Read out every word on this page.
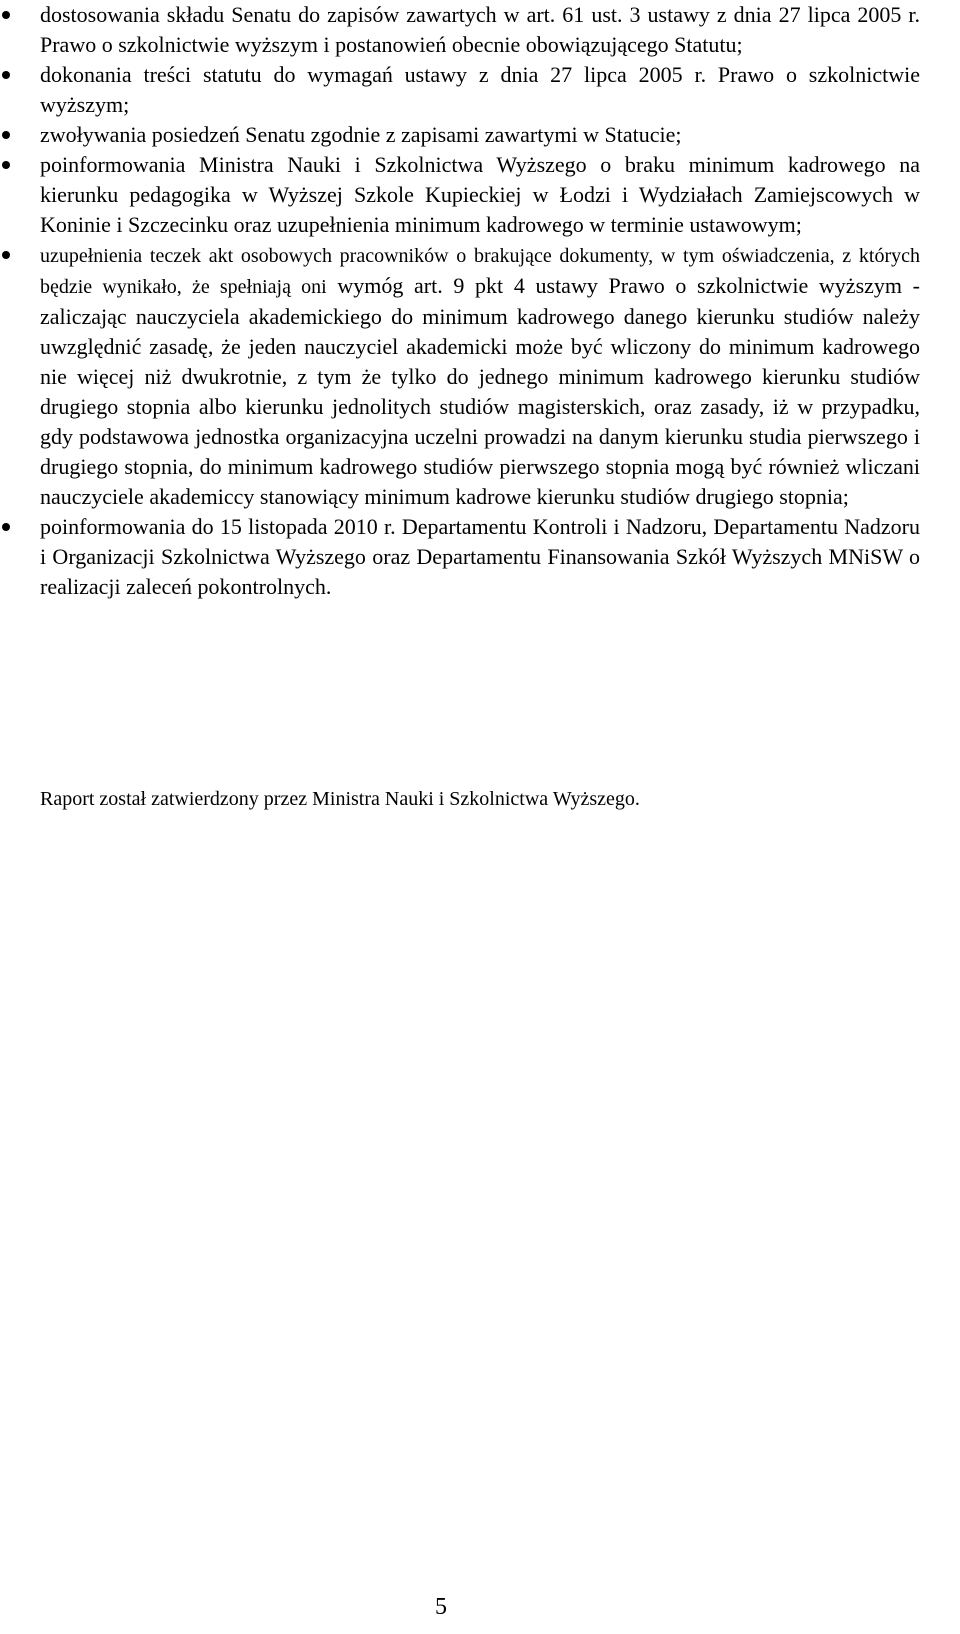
dostosowania składu Senatu do zapisów zawartych w art. 61 ust. 3 ustawy z dnia 27 lipca 2005 r. Prawo o szkolnictwie wyższym i postanowień obecnie obowiązującego Statutu;
dokonania treści statutu do wymagań ustawy z dnia 27 lipca 2005 r. Prawo o szkolnictwie wyższym;
zwoływania posiedzeń Senatu zgodnie z zapisami zawartymi w Statucie;
poinformowania Ministra Nauki i Szkolnictwa Wyższego o braku minimum kadrowego na kierunku pedagogika w Wyższej Szkole Kupieckiej w Łodzi i Wydziałach Zamiejscowych w Koninie i Szczecinku oraz uzupełnienia minimum kadrowego w terminie ustawowym;
uzupełnienia teczek akt osobowych pracowników o brakujące dokumenty, w tym oświadczenia, z których będzie wynikało, że spełniają oni wymóg art. 9 pkt 4 ustawy Prawo o szkolnictwie wyższym - zaliczając nauczyciela akademickiego do minimum kadrowego danego kierunku studiów należy uwzględnić zasadę, że jeden nauczyciel akademicki może być wliczony do minimum kadrowego nie więcej niż dwukrotnie, z tym że tylko do jednego minimum kadrowego kierunku studiów drugiego stopnia albo kierunku jednolitych studiów magisterskich, oraz zasady, iż w przypadku, gdy podstawowa jednostka organizacyjna uczelni prowadzi na danym kierunku studia pierwszego i drugiego stopnia, do minimum kadrowego studiów pierwszego stopnia mogą być również wliczani nauczyciele akademiccy stanowiący minimum kadrowe kierunku studiów drugiego stopnia;
poinformowania do 15 listopada 2010 r. Departamentu Kontroli i Nadzoru, Departamentu Nadzoru i Organizacji Szkolnictwa Wyższego oraz Departamentu Finansowania Szkół Wyższych MNiSW o realizacji zaleceń pokontrolnych.
Raport został zatwierdzony przez Ministra Nauki i Szkolnictwa Wyższego.
5
